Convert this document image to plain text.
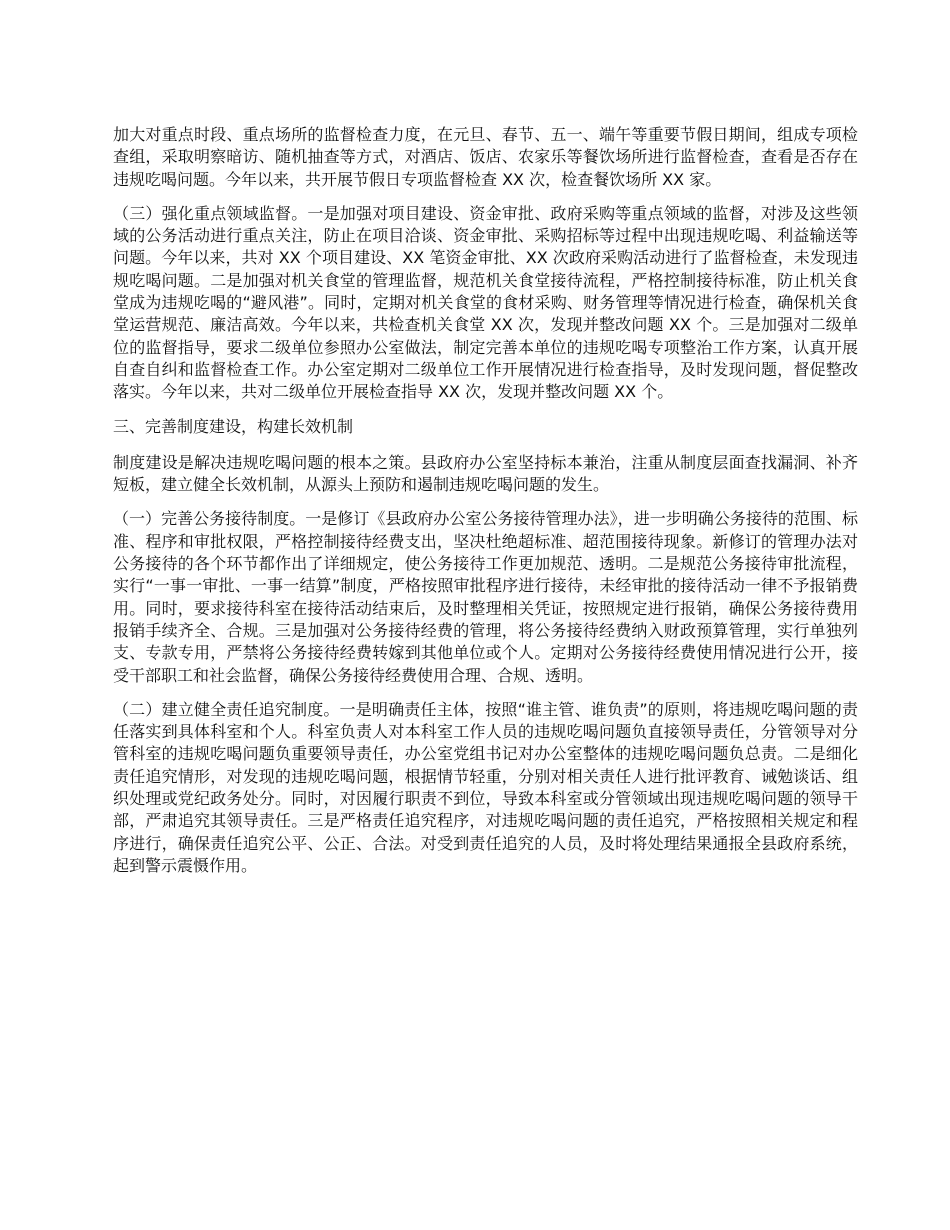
加大对重点时段、重点场所的监督检查力度，在元旦、春节、五一、端午等重要节假日期间，组成专项检查组，采取明察暗访、随机抽查等方式，对酒店、饭店、农家乐等餐饮场所进行监督检查，查看是否存在违规吃喝问题。今年以来，共开展节假日专项监督检查 XX 次，检查餐饮场所 XX 家。

（三）强化重点领域监督。一是加强对项目建设、资金审批、政府采购等重点领域的监督，对涉及这些领域的公务活动进行重点关注，防止在项目洽谈、资金审批、采购招标等过程中出现违规吃喝、利益输送等问题。今年以来，共对 XX 个项目建设、XX 笔资金审批、XX 次政府采购活动进行了监督检查，未发现违规吃喝问题。二是加强对机关食堂的管理监督，规范机关食堂接待流程，严格控制接待标准，防止机关食堂成为违规吃喝的“避风港”。同时，定期对机关食堂的食材采购、财务管理等情况进行检查，确保机关食堂运营规范、廉洁高效。今年以来，共检查机关食堂 XX 次，发现并整改问题 XX 个。三是加强对二级单位的监督指导，要求二级单位参照办公室做法，制定完善本单位的违规吃喝专项整治工作方案，认真开展自查自纠和监督检查工作。办公室定期对二级单位工作开展情况进行检查指导，及时发现问题，督促整改落实。今年以来，共对二级单位开展检查指导 XX 次，发现并整改问题 XX 个。

三、完善制度建设，构建长效机制

制度建设是解决违规吃喝问题的根本之策。县政府办公室坚持标本兼治，注重从制度层面查找漏洞、补齐短板，建立健全长效机制，从源头上预防和遏制违规吃喝问题的发生。

（一）完善公务接待制度。一是修订《县政府办公室公务接待管理办法》，进一步明确公务接待的范围、标准、程序和审批权限，严格控制接待经费支出，坚决杜绝超标准、超范围接待现象。新修订的管理办法对公务接待的各个环节都作出了详细规定，使公务接待工作更加规范、透明。二是规范公务接待审批流程，实行“一事一审批、一事一结算”制度，严格按照审批程序进行接待，未经审批的接待活动一律不予报销费用。同时，要求接待科室在接待活动结束后，及时整理相关凭证，按照规定进行报销，确保公务接待费用报销手续齐全、合规。三是加强对公务接待经费的管理，将公务接待经费纳入财政预算管理，实行单独列支、专款专用，严禁将公务接待经费转嫁到其他单位或个人。定期对公务接待经费使用情况进行公开，接受干部职工和社会监督，确保公务接待经费使用合理、合规、透明。

（二）建立健全责任追究制度。一是明确责任主体，按照“谁主管、谁负责”的原则，将违规吃喝问题的责任落实到具体科室和个人。科室负责人对本科室工作人员的违规吃喝问题负直接领导责任，分管领导对分管科室的违规吃喝问题负重要领导责任，办公室党组书记对办公室整体的违规吃喝问题负总责。二是细化责任追究情形，对发现的违规吃喝问题，根据情节轻重，分别对相关责任人进行批评教育、诫勉谈话、组织处理或党纪政务处分。同时，对因履行职责不到位，导致本科室或分管领域出现违规吃喝问题的领导干部，严肃追究其领导责任。三是严格责任追究程序，对违规吃喝问题的责任追究，严格按照相关规定和程序进行，确保责任追究公平、公正、合法。对受到责任追究的人员，及时将处理结果通报全县政府系统，起到警示震慑作用。
